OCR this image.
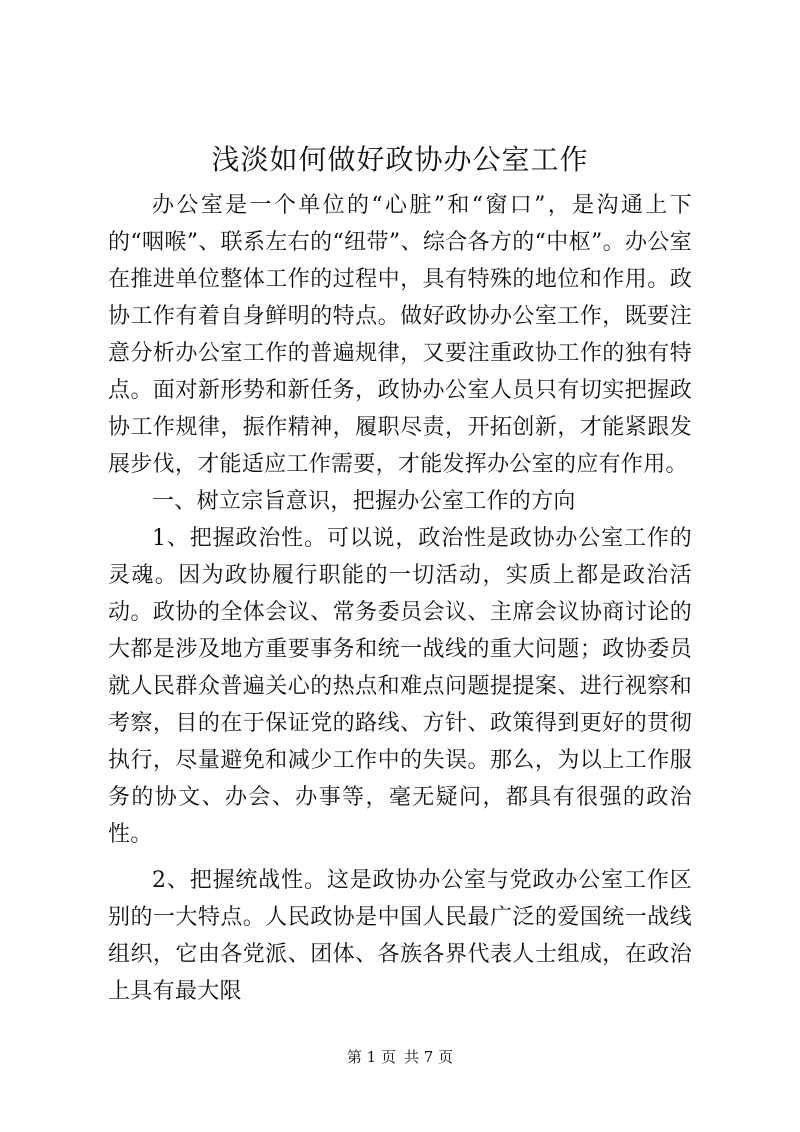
浅淡如何做好政协办公室工作

办公室是一个单位的“心脏”和“窗口”，是沟通上下的“咽喉”、联系左右的“纽带”、综合各方的“中枢”。办公室在推进单位整体工作的过程中，具有特殊的地位和作用。政协工作有着自身鲜明的特点。做好政协办公室工作，既要注意分析办公室工作的普遍规律，又要注重政协工作的独有特点。面对新形势和新任务，政协办公室人员只有切实把握政协工作规律，振作精神，履职尽责，开拓创新，才能紧跟发展步伐，才能适应工作需要，才能发挥办公室的应有作用。

一、树立宗旨意识，把握办公室工作的方向

1、把握政治性。可以说，政治性是政协办公室工作的灵魂。因为政协履行职能的一切活动，实质上都是政治活动。政协的全体会议、常务委员会议、主席会议协商讨论的大都是涉及地方重要事务和统一战线的重大问题；政协委员就人民群众普遍关心的热点和难点问题提提案、进行视察和考察，目的在于保证党的路线、方针、政策得到更好的贯彻执行，尽量避免和减少工作中的失误。那么，为以上工作服务的协文、办会、办事等，毫无疑问，都具有很强的政治性。

2、把握统战性。这是政协办公室与党政办公室工作区别的一大特点。人民政协是中国人民最广泛的爱国统一战线组织，它由各党派、团体、各族各界代表人士组成，在政治上具有最大限

第 1 页 共 7 页
